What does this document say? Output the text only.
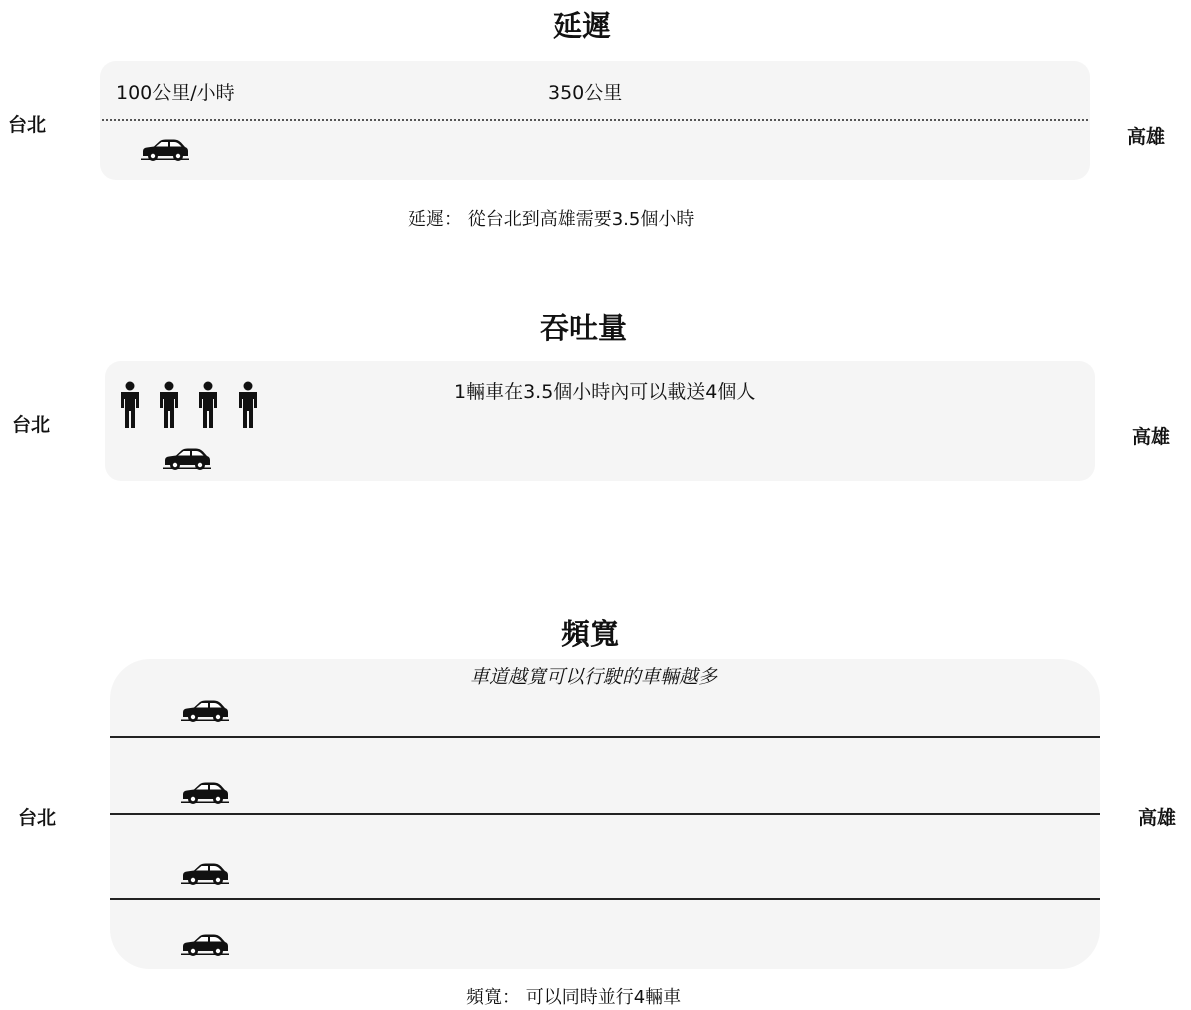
延遲
台北
高雄
100公里/小時	350公里
延遲： 從台北到高雄需要3.5個小時
吞吐量
台北
高雄
1輛車在3.5個小時內可以載送4個人
頻寬
車道越寬可以行駛的車輛越多
台北	高雄
頻寬： 可以同時並行4輛車
